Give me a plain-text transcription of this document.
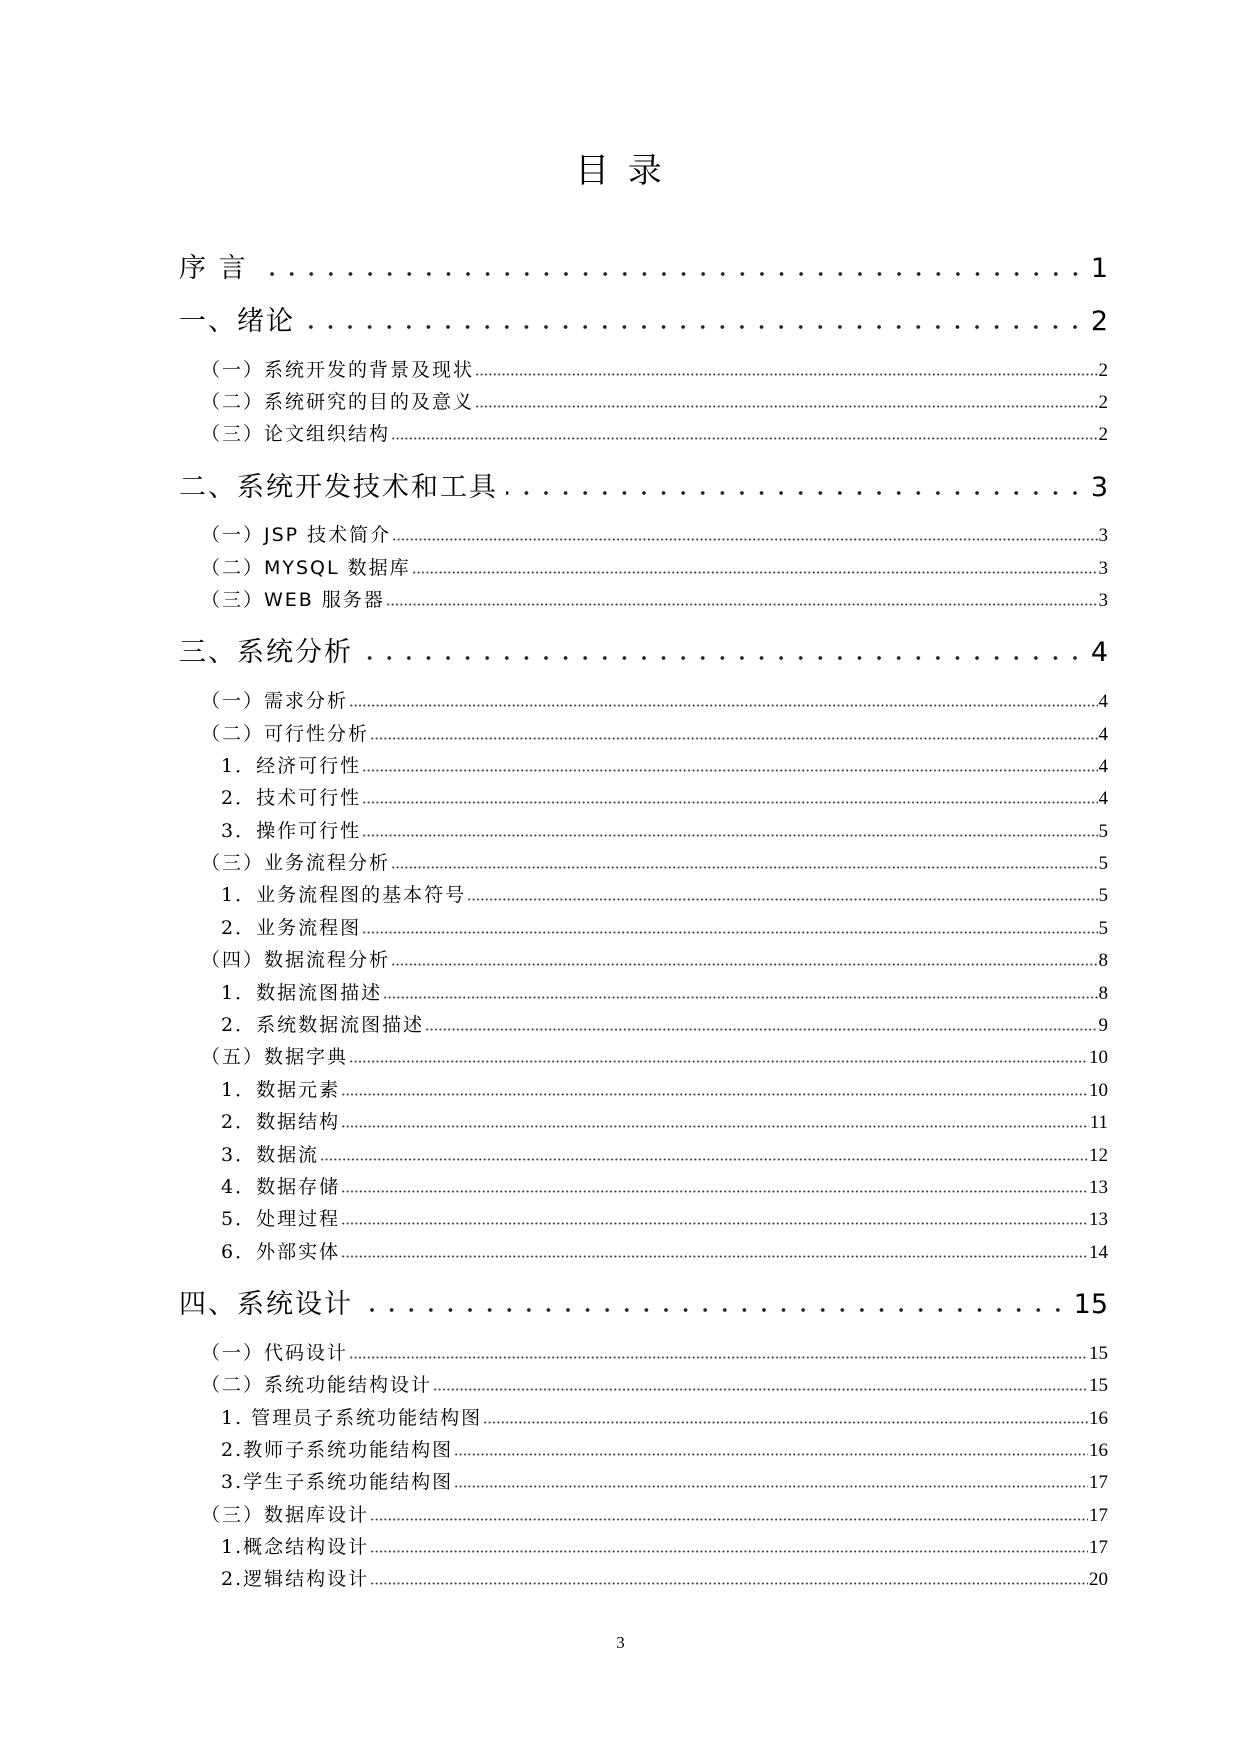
目 录
序 言	1
一、绪论	2
（一）系统开发的背景及现状	2
（二）系统研究的目的及意义	2
（三）论文组织结构	2
二、系统开发技术和工具	3
（一）JSP 技术简介	3
（二）MYSQL 数据库	3
（三）WEB 服务器	3
三、系统分析	4
（一）需求分析	4
（二）可行性分析	4
1．经济可行性	4
2．技术可行性	4
3．操作可行性	5
（三）业务流程分析	5
1．业务流程图的基本符号	5
2．业务流程图	5
（四）数据流程分析	8
1．数据流图描述	8
2．系统数据流图描述	9
（五）数据字典	10
1．数据元素	10
2．数据结构	11
3．数据流	12
4．数据存储	13
5．处理过程	13
6．外部实体	14
四、系统设计	15
（一）代码设计	15
（二）系统功能结构设计	15
1. 管理员子系统功能结构图	16
2.教师子系统功能结构图	16
3.学生子系统功能结构图	17
（三）数据库设计	17
1.概念结构设计	17
2.逻辑结构设计	20
3
